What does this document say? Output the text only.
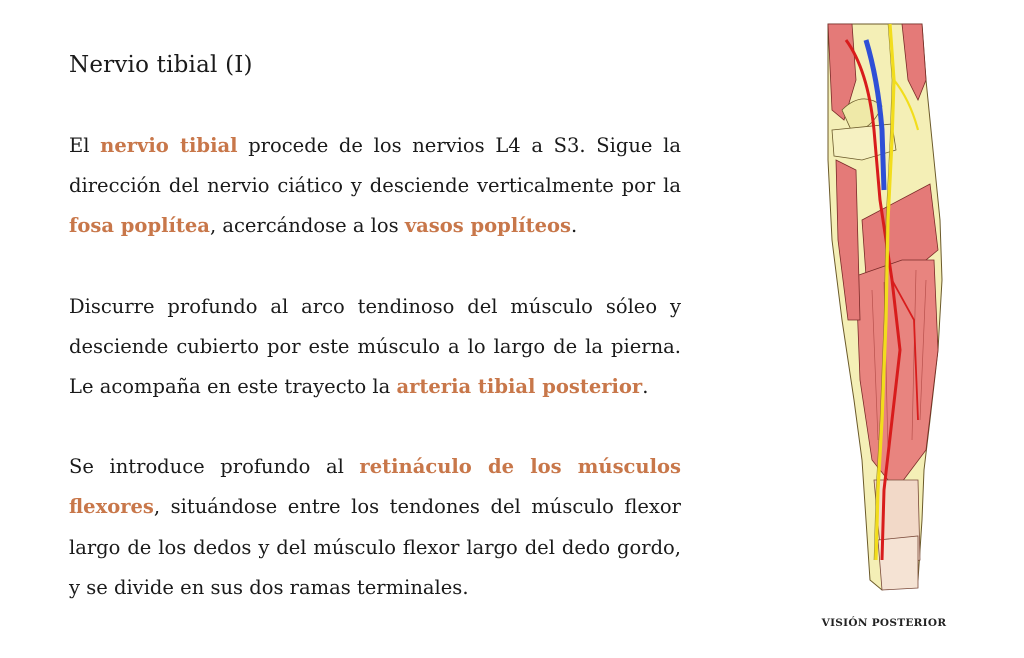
Nervio tibial (I)

El nervio tibial procede de los nervios L4 a S3. Sigue la dirección del nervio ciático y desciende verticalmente por la fosa poplítea, acercándose a los vasos poplíteos.

Discurre profundo al arco tendinoso del músculo sóleo y desciende cubierto por este músculo a lo largo de la pierna. Le acompaña en este trayecto la arteria tibial posterior.

Se introduce profundo al retináculo de los músculos flexores, situándose entre los tendones del músculo flexor largo de los dedos y del músculo flexor largo del dedo gordo, y se divide en sus dos ramas terminales.

VISIÓN POSTERIOR
